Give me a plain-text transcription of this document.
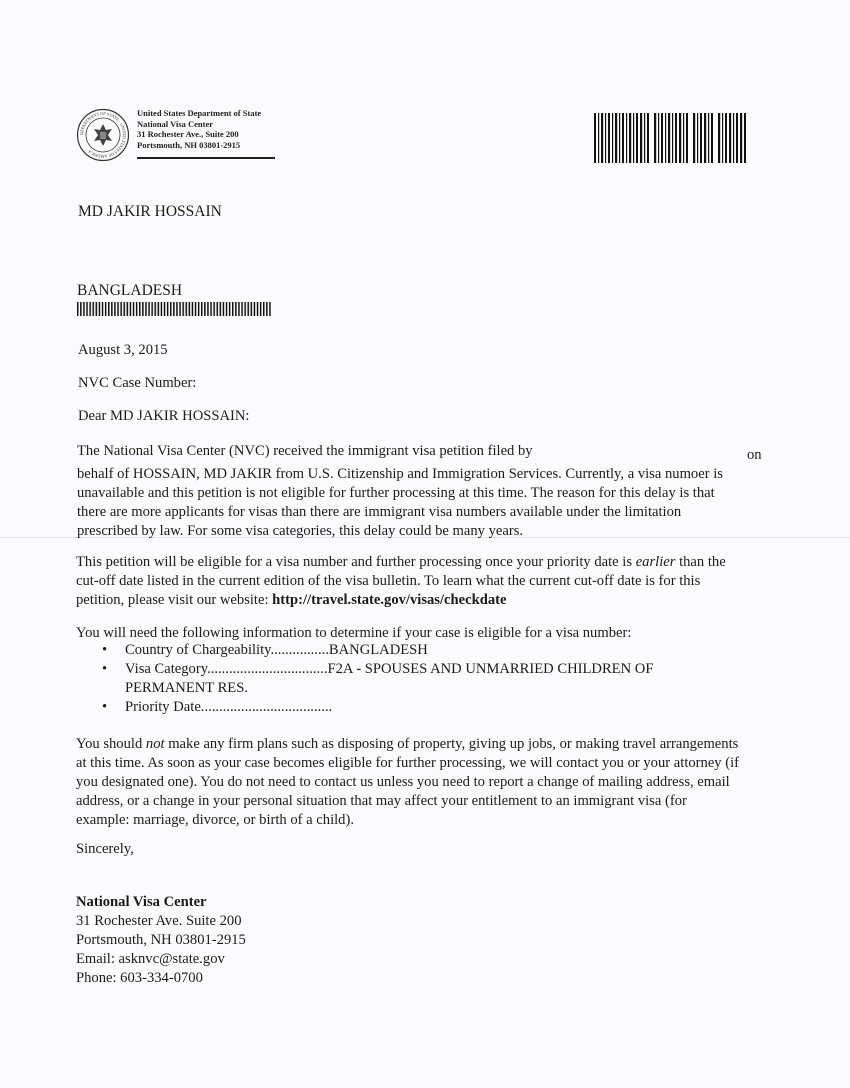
DEPARTMENT OF STATE · UNITED STATES OF AMERICA
United States Department of State
National Visa Center
31 Rochester Ave., Suite 200
Portsmouth, NH 03801-2915
MD JAKIR HOSSAIN
BANGLADESH
August 3, 2015
NVC Case Number:
Dear MD JAKIR HOSSAIN:
The National Visa Center (NVC) received the immigrant visa petition filed by	on
behalf of HOSSAIN, MD JAKIR from U.S. Citizenship and Immigration Services. Currently, a visa numoer is
unavailable and this petition is not eligible for further processing at this time. The reason for this delay is that
there are more applicants for visas than there are immigrant visa numbers available under the limitation
prescribed by law. For some visa categories, this delay could be many years.
This petition will be eligible for a visa number and further processing once your priority date is earlier than the
cut-off date listed in the current edition of the visa bulletin. To learn what the current cut-off date is for this
petition, please visit our website: http://travel.state.gov/visas/checkdate
You will need the following information to determine if your case is eligible for a visa number:
• Country of Chargeability................BANGLADESH
• Visa Category.................................F2A - SPOUSES AND UNMARRIED CHILDREN OF
PERMANENT RES.
• Priority Date....................................
You should not make any firm plans such as disposing of property, giving up jobs, or making travel arrangements
at this time. As soon as your case becomes eligible for further processing, we will contact you or your attorney (if
you designated one). You do not need to contact us unless you need to report a change of mailing address, email
address, or a change in your personal situation that may affect your entitlement to an immigrant visa (for
example: marriage, divorce, or birth of a child).
Sincerely,
National Visa Center
31 Rochester Ave. Suite 200
Portsmouth, NH 03801-2915
Email: asknvc@state.gov
Phone: 603-334-0700
